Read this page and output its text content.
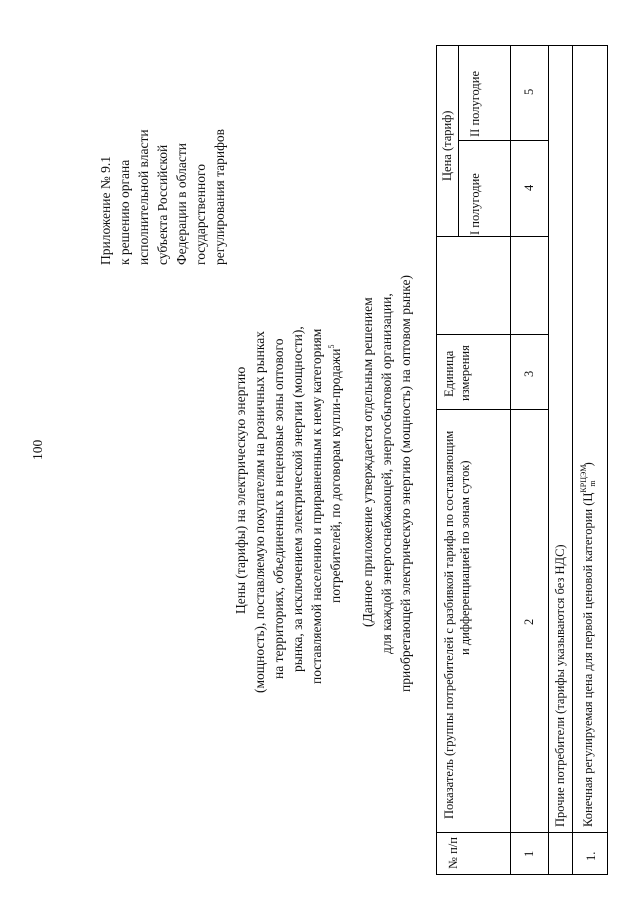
100
Приложение № 9.1 к решению органа исполнительной власти субъекта Российской Федерации в области государственного регулирования тарифов
Цены (тарифы) на электрическую энергию (мощность), поставляемую покупателям на розничных рынках на территориях, объединенных в неценовые зоны оптового рынка, за исключением электрической энергии (мощности), поставляемой населению и приравненным к нему категориям потребителей, по договорам купли-продажи$^5$	(Данное приложение утверждается отдельным решением для каждой энергоснабжающей, энергосбытовой организации, приобретающей электрическую энергию (мощность) на оптовом рынке)
№ п/п
Показатель (группы потребителей с разбивкой тарифа по составляющим и дифференциацией по зонам суток)
Единица измерения
Цена (тариф)
I полугодие
II полугодие
1
2
3
4
5
Прочие потребители (тарифы указываются без НДС)
1.
Конечная регулируемая цена для первой ценовой категории $(Ц^{КРЦЭМ}_m)$
